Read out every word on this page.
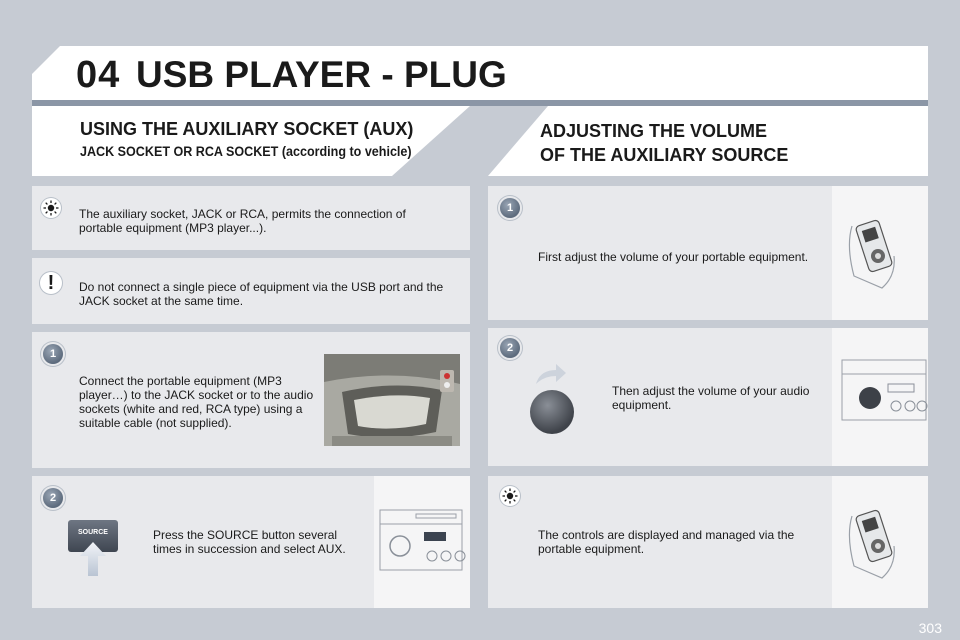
04 USB PLAYER - PLUG
USING THE AUXILIARY SOCKET (AUX)
JACK SOCKET OR RCA SOCKET (according to vehicle)
ADJUSTING THE VOLUME
OF THE AUXILIARY SOURCE
The auxiliary socket, JACK or RCA, permits the connection of portable equipment (MP3 player...).
!	Do not connect a single piece of equipment via the USB port and the JACK socket at the same time.
1
Connect the portable equipment (MP3 player…) to the JACK socket or to the audio sockets (white and red, RCA type) using a suitable cable (not supplied).
2
SOURCE	Press the SOURCE button several times in succession and select AUX.
1
First adjust the volume of your portable equipment.
2
Then adjust the volume of your audio equipment.
The controls are displayed and managed via the portable equipment.
303
